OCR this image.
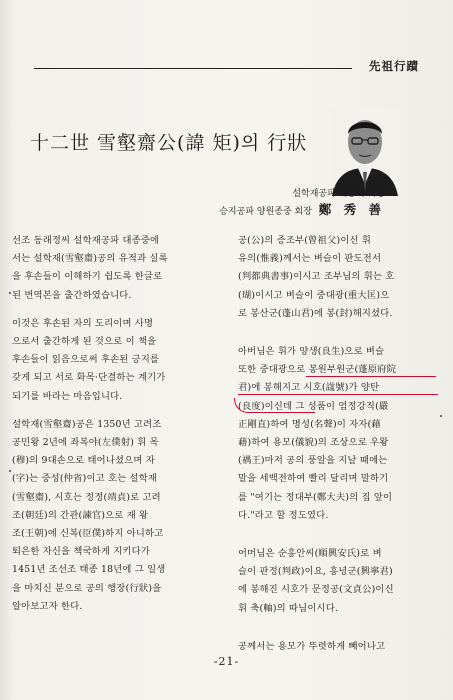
先祖行蹟
十二世 雪壑齋公(諱 矩)의 行狀
설학재공파 대종회 회장
승지공파 양원종중 회장 鄭 秀 善
선조 동래정씨 설학재공파 대종중에
서는 설학재(雪壑齋)공의 유적과 실록
을 후손들이 이해하기 쉽도록 한글로
된 번역본을 출간하였습니다.
이것은 후손된 자의 도리이며 사명
으로서 출간하게 된 것으로 이 책을
후손들이 읽음으로써 후손된 긍지를
갖게 되고 서로 화목·단결하는 계기가
되기를 바라는 마음입니다.
설학재(雪壑齋)공은 1350년 고려조
공민왕 2년에 좌복야(左僕射) 휘 목
(穆)의 9대손으로 태어나셨으며 자
(字)는 중성(仲省)이고 호는 설학재
(雪壑齋), 시호는 정정(靖貞)로 고려
조(朝廷)의 간관(諫官)으로 재 왕
조(王朝)에 신복(臣僕)하지 아니하고
퇴은한 자신을 책국하게 지키다가
1451년 조선조 태종 18년에 그 일생
을 마치신 분으로 공의 행장(行狀)을
알아보고자 한다.
공(公)의 증조부(曾祖父)이신 휘
유의(惟義)께서는 벼슬이 판도전서
(判都典書事)이시고 조부님의 휘는 호
(瑚)이시고 벼슬이 중대광(重大匡)으
로 봉산군(蓬山君)에 봉(封)해지셨다.
아버님은 휘가 양생(良生)으로 벼슬
또한 중대광으로 봉원부원군(蓬原府院
君)에 봉해지고 시호(諡號)가 양탄
(良度)이신데 그 성품이 엄정강직(嚴
正剛直)하여 명성(名聲)이 자자(藉
藉)하여 용모(儀貌)의 조상으로 우왕
(禑王)마저 공의 풍알을 지날 때에는
말을 세백전하여 빨리 달리며 말하기
를 "여기는 정대부(鄭大夫)의 집 앞이
다."라고 할 정도였다.
어머님은 순흥안씨(順興安氏)로 벼
슬이 판정(判政)이요, 흥녕군(興寧君)
에 봉해진 시호가 문정공(文貞公)이신
휘 축(軸)의 따님이시다.
공께서는 용모가 뚜렷하게 빼어나고
-21-
